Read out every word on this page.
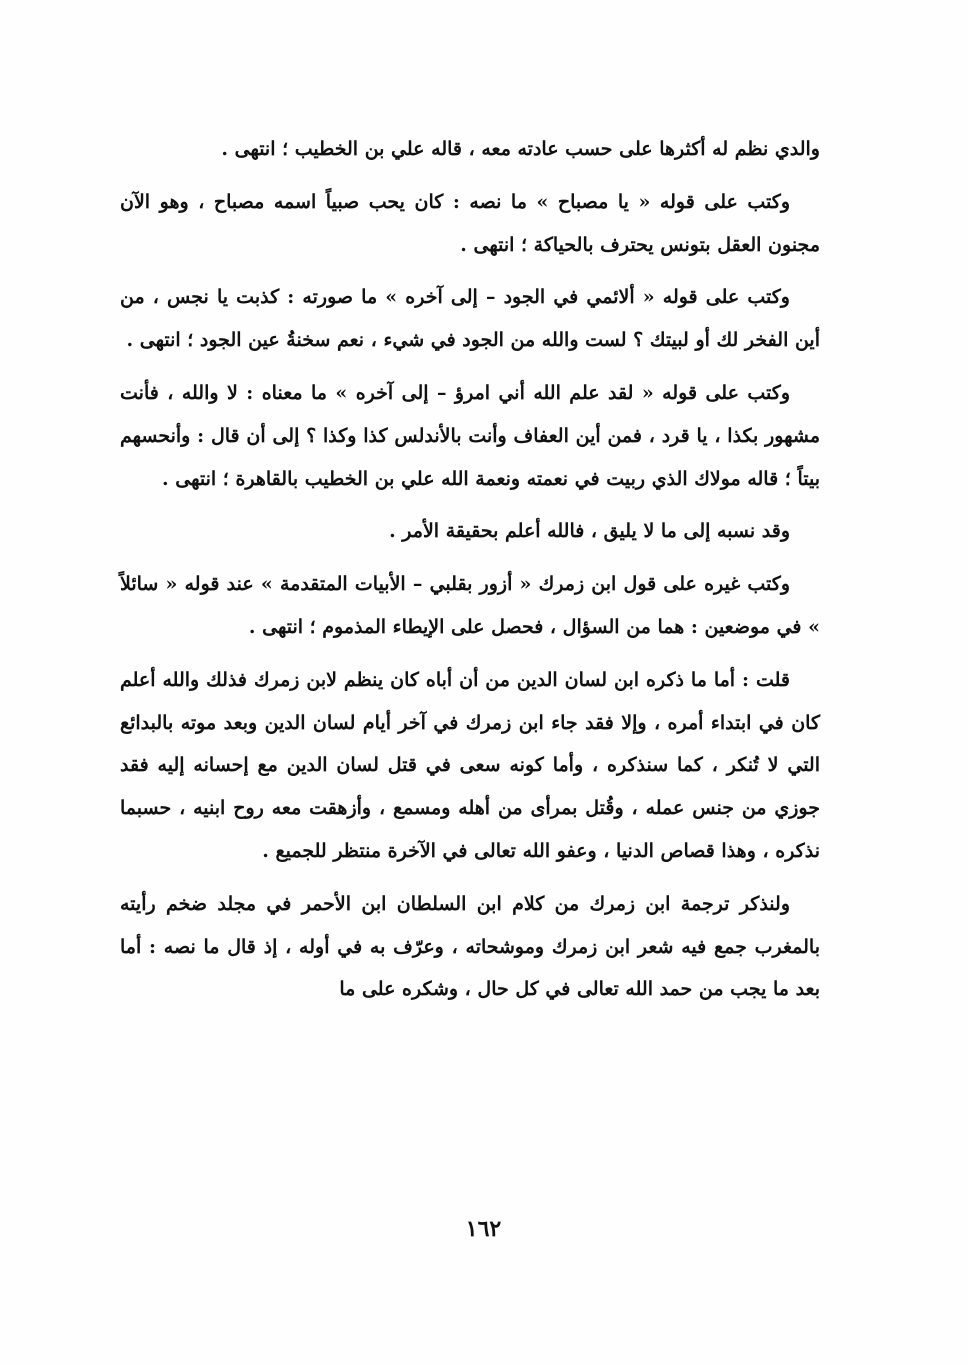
والدي نظم له أكثرها على حسب عادته معه ، قاله علي بن الخطيب ؛ انتهى .

وكتب على قوله « يا مصباح » ما نصه : كان يحب صبياً اسمه مصباح ، وهو الآن مجنون العقل بتونس يحترف بالحياكة ؛ انتهى .

وكتب على قوله « ألائمي في الجود – إلى آخره » ما صورته : كذبت يا نجس ، من أين الفخر لك أو لبيتك ؟ لست والله من الجود في شيء ، نعم سخنةُ عين الجود ؛ انتهى .

وكتب على قوله « لقد علم الله أني امرؤ – إلى آخره » ما معناه : لا والله ، فأنت مشهور بكذا ، يا قرد ، فمن أين العفاف وأنت بالأندلس كذا وكذا ؟ إلى أن قال : وأنحسهم بيتاً ؛ قاله مولاك الذي ربيت في نعمته ونعمة الله علي بن الخطيب بالقاهرة ؛ انتهى .

وقد نسبه إلى ما لا يليق ، فالله أعلم بحقيقة الأمر .

وكتب غيره على قول ابن زمرك « أزور بقلبي – الأبيات المتقدمة » عند قوله « سائلاً » في موضعين : هما من السؤال ، فحصل على الإيطاء المذموم ؛ انتهى .

قلت : أما ما ذكره ابن لسان الدين من أن أباه كان ينظم لابن زمرك فذلك والله أعلم كان في ابتداء أمره ، وإلا فقد جاء ابن زمرك في آخر أيام لسان الدين وبعد موته بالبدائع التي لا تُنكر ، كما سنذكره ، وأما كونه سعى في قتل لسان الدين مع إحسانه إليه فقد جوزي من جنس عمله ، وقُتل بمرأى من أهله ومسمع ، وأزهقت معه روح ابنيه ، حسبما نذكره ، وهذا قصاص الدنيا ، وعفو الله تعالى في الآخرة منتظر للجميع .

ولنذكر ترجمة ابن زمرك من كلام ابن السلطان ابن الأحمر في مجلد ضخم رأيته بالمغرب جمع فيه شعر ابن زمرك وموشحاته ، وعرّف به في أوله ، إذ قال ما نصه : أما بعد ما يجب من حمد الله تعالى في كل حال ، وشكره على ما

١٦٢
